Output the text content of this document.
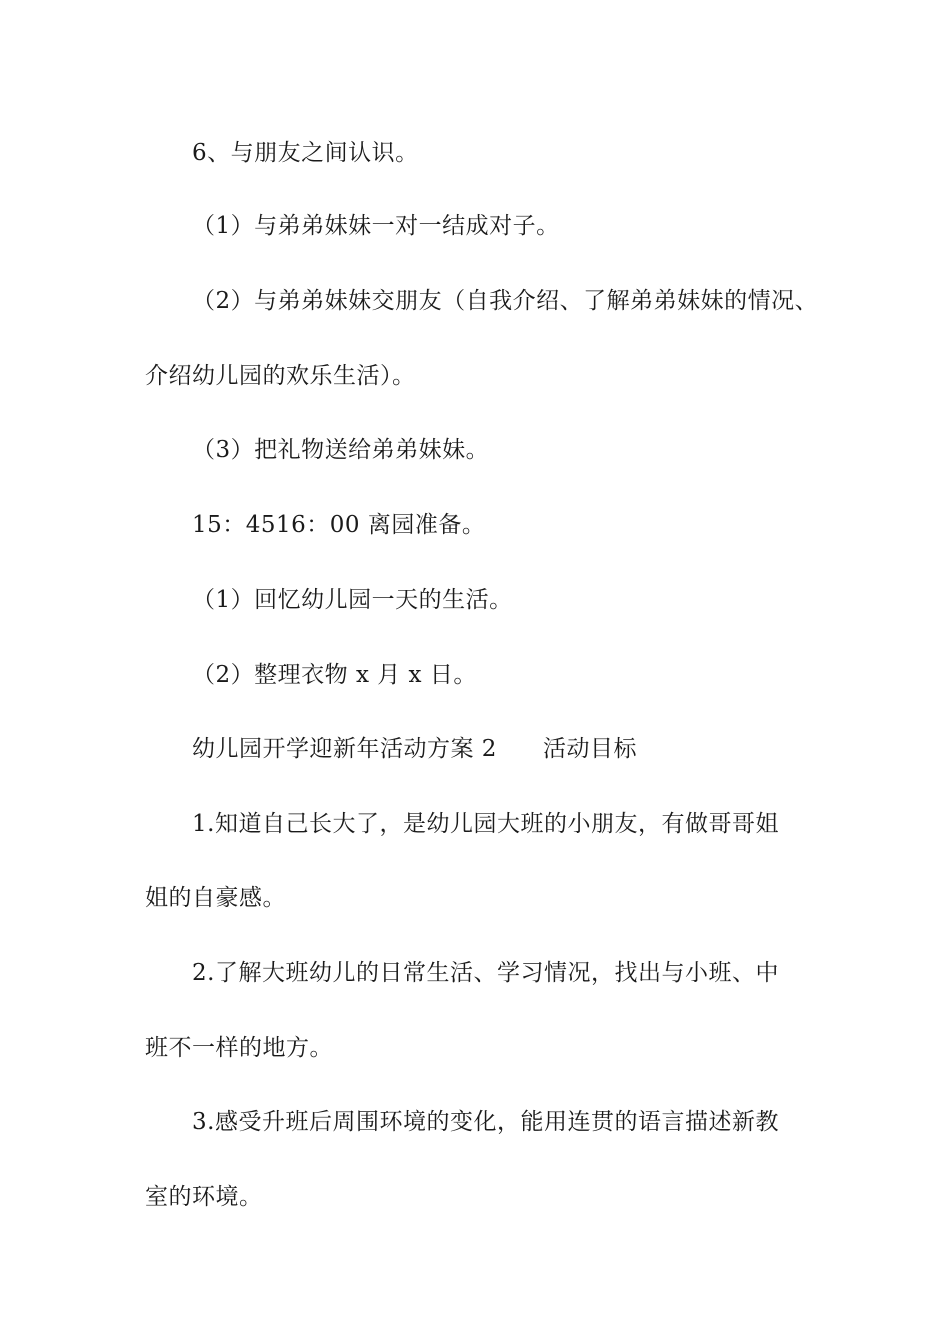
6、与朋友之间认识。
（1）与弟弟妹妹一对一结成对子。
（2）与弟弟妹妹交朋友（自我介绍、了解弟弟妹妹的情况、
介绍幼儿园的欢乐生活）。
（3）把礼物送给弟弟妹妹。
15：4516：00 离园准备。
（1）回忆幼儿园一天的生活。
（2）整理衣物 x 月 x 日。
幼儿园开学迎新年活动方案 2 活动目标
1.知道自己长大了，是幼儿园大班的小朋友，有做哥哥姐
姐的自豪感。
2.了解大班幼儿的日常生活、学习情况，找出与小班、中
班不一样的地方。
3.感受升班后周围环境的变化，能用连贯的语言描述新教
室的环境。
